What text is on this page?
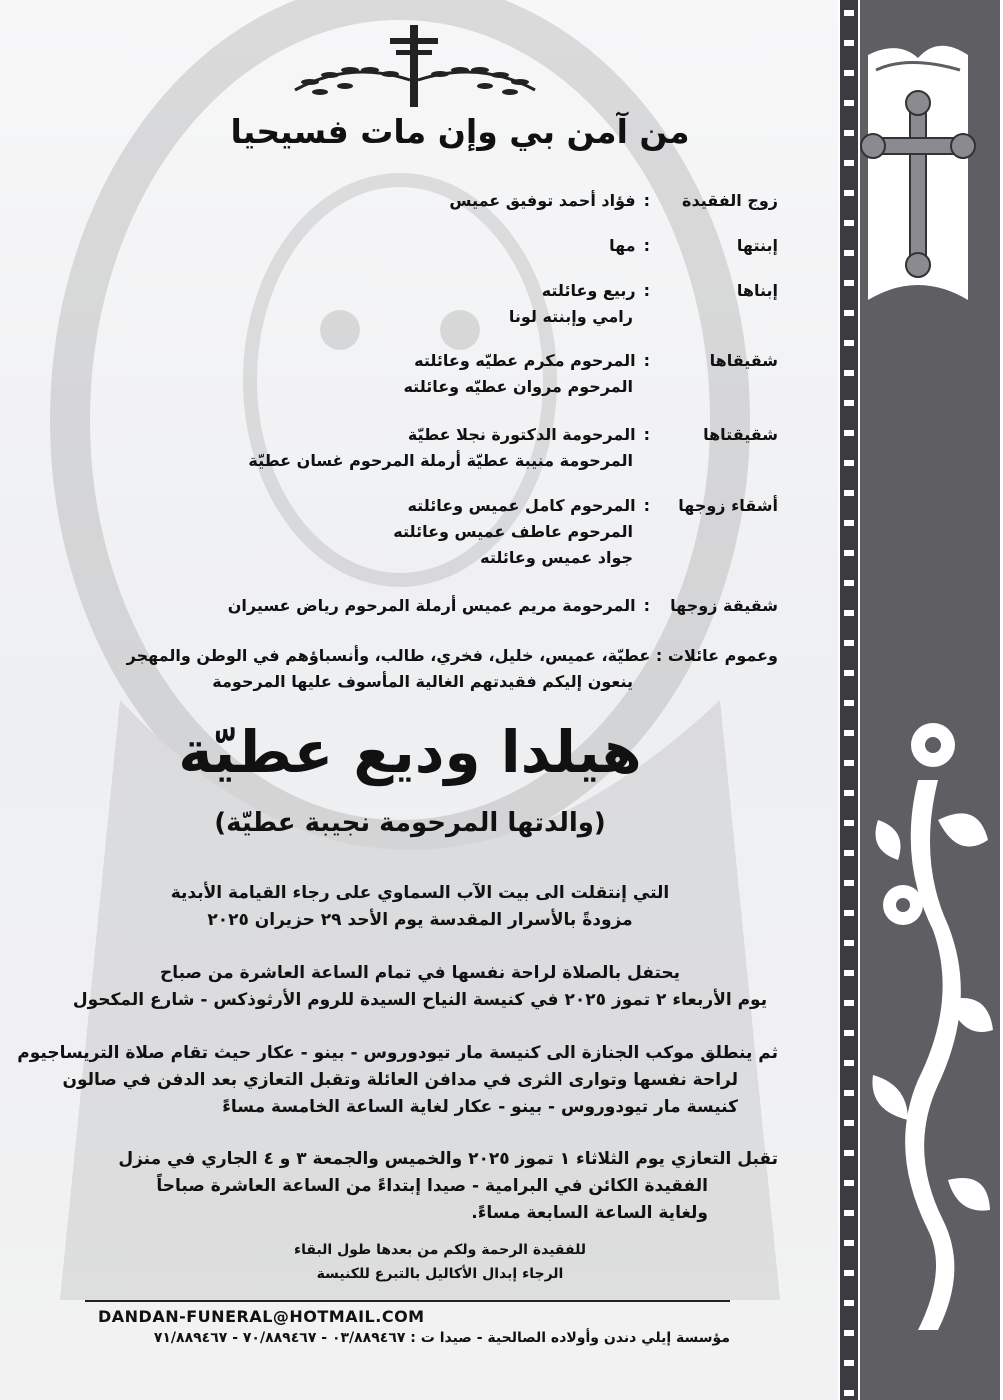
من آمن بي وإن مات فسيحيا
زوج الفقيدة
:فؤاد أحمد توفيق عميس
إبنتها
:مها
إبناها
:ربيع وعائلته
رامي وإبنته لونا
شقيقاها
:المرحوم مكرم عطيّه وعائلته
المرحوم مروان عطيّه وعائلته
شقيقتاها
:المرحومة الدكتورة نجلا عطيّة
المرحومة منيبة عطيّة أرملة المرحوم غسان عطيّة
أشقاء زوجها
:المرحوم كامل عميس وعائلته
المرحوم عاطف عميس وعائلته
جواد عميس وعائلته
شقيقة زوجها
:المرحومة مريم عميس أرملة المرحوم رياض عسيران
وعموم عائلات : عطيّة، عميس، خليل، فخري، طالب، وأنسباؤهم في الوطن والمهجر
ينعون إليكم فقيدتهم الغالية المأسوف عليها المرحومة
هيلدا وديع عطيّة
(والدتها المرحومة نجيبة عطيّة)
التي إنتقلت الى بيت الآب السماوي على رجاء القيامة الأبدية
مزودةً بالأسرار المقدسة يوم الأحد ٢٩ حزيران ٢٠٢٥
يحتفل بالصلاة لراحة نفسها في تمام الساعة العاشرة من صباح
يوم الأربعاء ٢ تموز ٢٠٢٥ في كنيسة النياح السيدة للروم الأرثوذكس - شارع المكحول
ثم ينطلق موكب الجنازة الى كنيسة مار تيودوروس - بينو - عكار حيث تقام صلاة التريساجيوم
لراحة نفسها وتوارى الثرى في مدافن العائلة وتقبل التعازي بعد الدفن في صالون
كنيسة مار تيودوروس - بينو - عكار لغاية الساعة الخامسة مساءً
تقبل التعازي يوم الثلاثاء ١ تموز ٢٠٢٥ والخميس والجمعة ٣ و ٤ الجاري في منزل
الفقيدة الكائن في البرامية - صيدا إبتداءً من الساعة العاشرة صباحاً
ولغاية الساعة السابعة مساءً.
للفقيدة الرحمة ولكم من بعدها طول البقاء
الرجاء إبدال الأكاليل بالتبرع للكنيسة
DANDAN-FUNERAL@HOTMAIL.COM
مؤسسة إيلي دندن وأولاده الصالحية - صيدا ت : ٠٣/٨٨٩٤٦٧ - ٧٠/٨٨٩٤٦٧ - ٧١/٨٨٩٤٦٧
